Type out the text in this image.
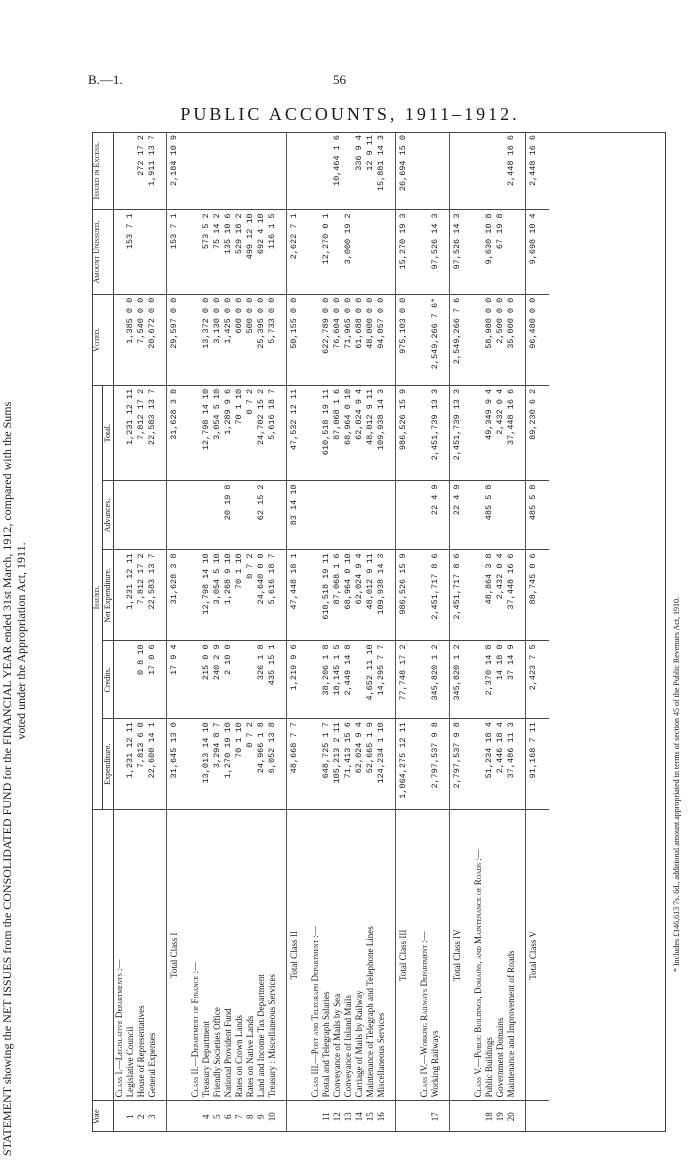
B.—1.	56
PUBLIC ACCOUNTS, 1911–1912.
STATEMENT showing the NET ISSUES from the CONSOLIDATED FUND for the FINANCIAL YEAR ended 31st March, 1912, compared with the Sums voted under the Appropriation Act, 1911.
Vote		Issued.					Voted.	Amount Unissued.	Issued in Excess.
		Expenditure.	Credits.	Net Expenditure.	Advances.	Total.			
	Class I.—Legislative Departments :—								
1	Legislative Council	1,231 12 11		1,231 12 11		1,231 12 11	1,385 0 0	153 7 1	
2	House of Representatives	7,813 6 0	0 8 10	7,812 17 2		7,812 17 2	7,540 0 0		272 17 2
3	General Expenses	22,600 14 1	17 0 6	22,583 13 7		22,583 13 7	20,672 0 0		1,911 13 7

	Total Class I	31,645 13 0	17 9 4	31,628 3 8		31,628 3 8	29,597 0 0	153 7 1	2,184 10 9

	Class II.—Department of Finance :—								
4	Treasury Department	13,013 14 10	215 0 0	12,798 14 10		12,798 14 10	13,372 0 0	573 5 2	
5	Friendly Societies Office	3,294 8 7	240 2 9	3,054 5 10		3,054 5 10	3,130 0 0	75 14 2	
6	National Provident Fund	1,270 19 10	2 10 0	1,268 9 10	20 19 8	1,289 9 6	1,425 0 0	135 10 6	
7	Rates on Crown Lands	70 1 10		70 1 10		70 1 10	600 0 0	529 18 2	
8	Rates on Native Lands	0 7 2		0 7 2		0 7 2	500 0 0	499 12 10	
9	Land and Income Tax Department	24,966 1 8	326 1 8	24,640 0 0	62 15 2	24,702 15 2	25,395 0 0	692 4 10	
10	Treasury : Miscellaneous Services	6,052 13 8	435 15 1	5,616 18 7		5,616 18 7	5,733 0 0	116 1 5	

	Total Class II	48,668 7 7	1,219 9 6	47,448 18 1	83 14 10	47,532 12 11	50,155 0 0	2,622 7 1	

	Class III.—Post and Telegraph Department :—								
11	Postal and Telegraph Salaries	648,725 1 7	38,206 1 8	610,518 19 11		610,518 19 11	622,789 0 0	12,270 0 1	
12	Conveyance of Mails by Sea	105,213 2 11	18,145 1 5	87,068 1 6		87,068 1 6	76,604 0 0		10,464 1 6
13	Conveyance of Inland Mails	71,413 15 6	2,449 14 8	68,964 0 10		68,964 0 10	71,965 0 0	3,000 19 2	
14	Carriage of Mails by Railway	62,024 9 4		62,024 9 4		62,024 9 4	61,688 0 0		336 9 4
15	Maintenance of Telegraph and Telephone Lines	52,665 1 9	4,652 11 10	48,012 9 11		48,012 9 11	48,000 0 0		12 9 11
16	Miscellaneous Services	124,234 1 10	14,295 7 7	109,938 14 3		109,938 14 3	94,057 0 0		15,881 14 3

	Total Class III	1,064,275 12 11	77,748 17 2	986,526 15 9		986,526 15 9	975,103 0 0	15,270 19 3	26,694 15 0

	Class IV.—Working Railways Department :—								
17	Working Railways	2,797,537 9 8	345,820 1 2	2,451,717 8 6	22 4 9	2,451,739 13 3	2,549,266 7 6*	97,526 14 3	

	Total Class IV	2,797,537 9 8	345,820 1 2	2,451,717 8 6	22 4 9	2,451,739 13 3	2,549,266 7 6	97,526 14 3	

	Class V.—Public Buildings, Domains, and Maintenance of Roads :—								
18	Public Buildings	51,234 18 4	2,370 14 8	48,864 3 8	485 5 8	49,349 9 4	58,980 0 0	9,630 10 8	
19	Government Domains	2,446 18 4	14 18 0	2,432 0 4		2,432 0 4	2,500 0 0	67 19 8	
20	Maintenance and Improvement of Roads	37,486 11 3	37 14 9	37,448 16 6		37,448 16 6	35,000 0 0		2,448 16 6

	Total Class V	91,168 7 11	2,423 7 5	88,745 0 6	485 5 8	89,230 6 2	96,480 0 0	9,698 10 4	2,448 16 6

* Includes £146,613 7s. 6d., additional amount appropriated in terms of section 45 of the Public Revenues Act, 1910.
